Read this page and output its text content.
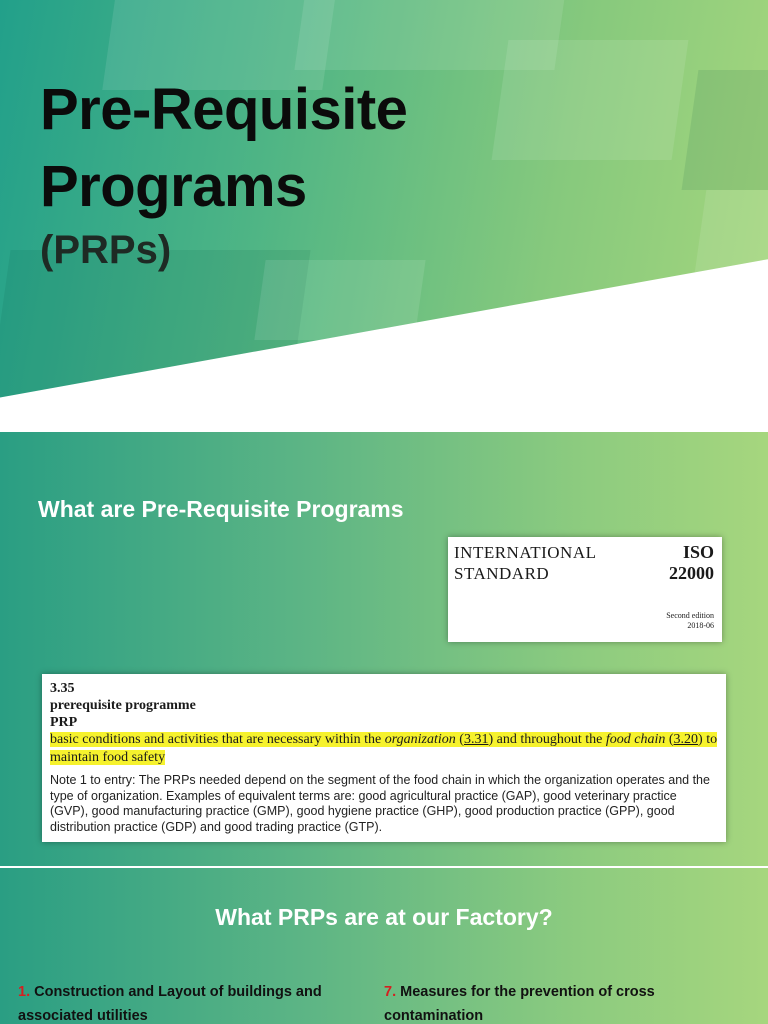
Pre-Requisite
Programs
(PRPs)
What are Pre-Requisite Programs
INTERNATIONAL
STANDARD
ISO
22000
Second edition
2018-06
3.35
prerequisite programme
PRP
basic conditions and activities that are necessary within the organization (3.31) and throughout the food chain (3.20) to maintain food safety
Note 1 to entry: The PRPs needed depend on the segment of the food chain in which the organization operates and the type of organization. Examples of equivalent terms are: good agricultural practice (GAP), good veterinary practice (GVP), good manufacturing practice (GMP), good hygiene practice (GHP), good production practice (GPP), good distribution practice (GDP) and good trading practice (GTP).
What PRPs are at our Factory?
1. Construction and Layout of buildings and associated utilities
7. Measures for the prevention of cross contamination
